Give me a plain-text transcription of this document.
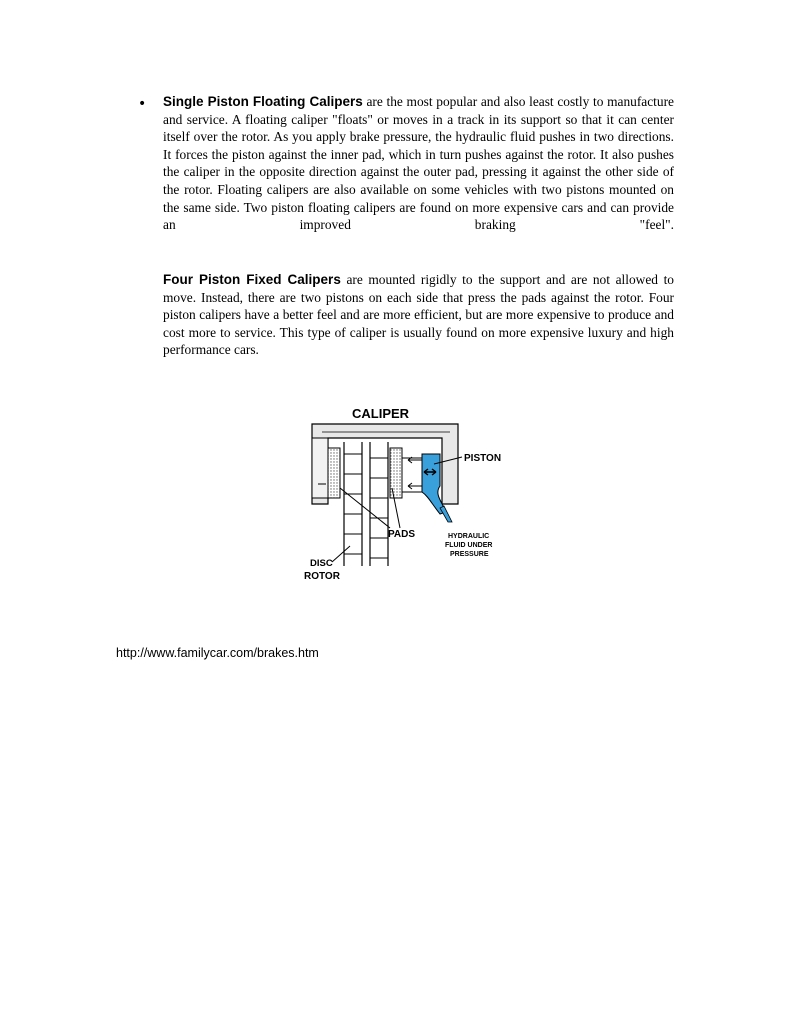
• Single Piston Floating Calipers are the most popular and also least costly to manufacture and service. A floating caliper "floats" or moves in a track in its support so that it can center itself over the rotor. As you apply brake pressure, the hydraulic fluid pushes in two directions. It forces the piston against the inner pad, which in turn pushes against the rotor. It also pushes the caliper in the opposite direction against the outer pad, pressing it against the other side of the rotor. Floating calipers are also available on some vehicles with two pistons mounted on the same side. Two piston floating calipers are found on more expensive cars and can provide an improved braking "feel".

Four Piston Fixed Calipers are mounted rigidly to the support and are not allowed to move. Instead, there are two pistons on each side that press the pads against the rotor. Four piston calipers have a better feel and are more efficient, but are more expensive to produce and cost more to service. This type of caliper is usually found on more expensive luxury and high performance cars.

CALIPER
PISTON
PADS
DISC
ROTOR
HYDRAULIC
FLUID UNDER
PRESSURE
http://www.familycar.com/brakes.htm
